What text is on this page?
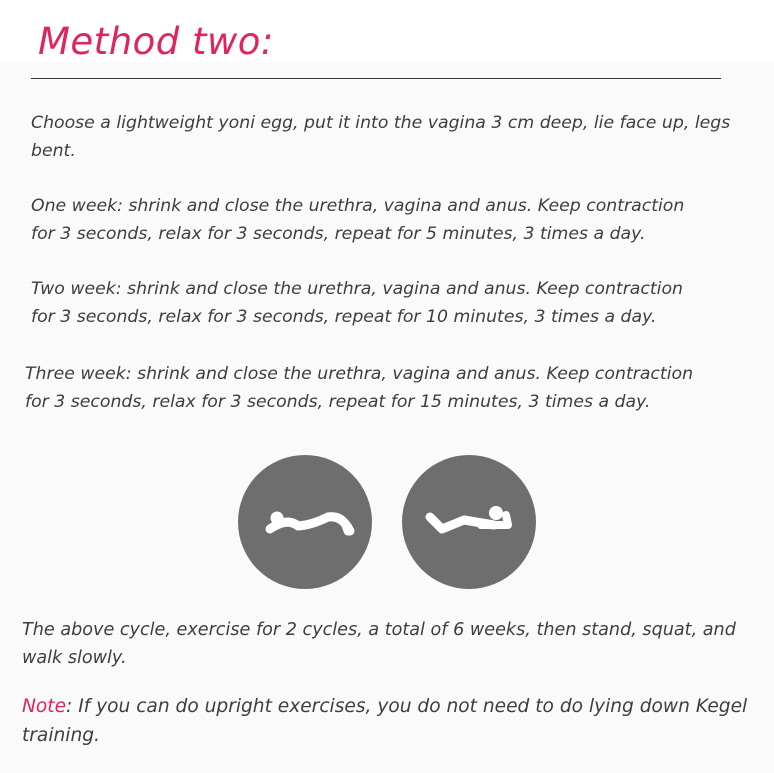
Method two:

Choose a lightweight yoni egg, put it into the vagina 3 cm deep, lie face up, legs bent.

One week: shrink and close the urethra, vagina and anus. Keep contraction
for 3 seconds, relax for 3 seconds, repeat for 5 minutes, 3 times a day.

Two week: shrink and close the urethra, vagina and anus. Keep contraction
for 3 seconds, relax for 3 seconds, repeat for 10 minutes, 3 times a day.

Three week: shrink and close the urethra, vagina and anus. Keep contraction
for 3 seconds, relax for 3 seconds, repeat for 15 minutes, 3 times a day.

The above cycle, exercise for 2 cycles, a total of 6 weeks, then stand, squat, and walk slowly.

Note: If you can do upright exercises, you do not need to do lying down Kegel training.
